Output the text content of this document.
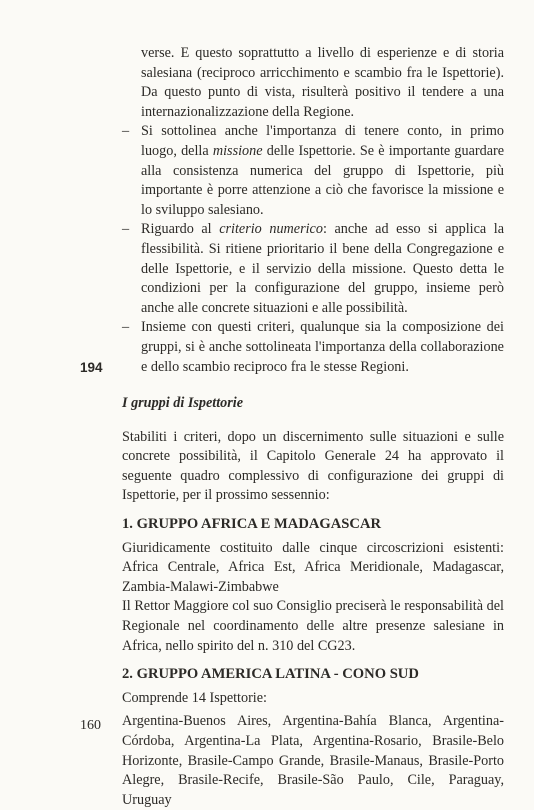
verse. E questo soprattutto a livello di esperienze e di storia salesiana (reciproco arricchimento e scambio fra le Ispettorie). Da questo punto di vista, risulterà positivo il tendere a una internazionalizzazione della Regione.

– Si sottolinea anche l'importanza di tenere conto, in primo luogo, della missione delle Ispettorie. Se è importante guardare alla consistenza numerica del gruppo di Ispettorie, più importante è porre attenzione a ciò che favorisce la missione e lo sviluppo salesiano.

– Riguardo al criterio numerico: anche ad esso si applica la flessibilità. Si ritiene prioritario il bene della Congregazione e delle Ispettorie, e il servizio della missione. Questo detta le condizioni per la configurazione del gruppo, insieme però anche alle concrete situazioni e alle possibilità.

– Insieme con questi criteri, qualunque sia la composizione dei gruppi, si è anche sottolineata l'importanza della collaborazione e dello scambio reciproco fra le stesse Regioni.

I gruppi di Ispettorie

Stabiliti i criteri, dopo un discernimento sulle situazioni e sulle concrete possibilità, il Capitolo Generale 24 ha approvato il seguente quadro complessivo di configurazione dei gruppi di Ispettorie, per il prossimo sessennio:

1. GRUPPO AFRICA E MADAGASCAR

Giuridicamente costituito dalle cinque circoscrizioni esistenti: Africa Centrale, Africa Est, Africa Meridionale, Madagascar, Zambia-Malawi-Zimbabwe

Il Rettor Maggiore col suo Consiglio preciserà le responsabilità del Regionale nel coordinamento delle altre presenze salesiane in Africa, nello spirito del n. 310 del CG23.

2. GRUPPO AMERICA LATINA - CONO SUD

Comprende 14 Ispettorie:

Argentina-Buenos Aires, Argentina-Bahía Blanca, Argentina-Córdoba, Argentina-La Plata, Argentina-Rosario, Brasile-Belo Horizonte, Brasile-Campo Grande, Brasile-Manaus, Brasile-Porto Alegre, Brasile-Recife, Brasile-São Paulo, Cile, Paraguay, Uruguay

194
160
